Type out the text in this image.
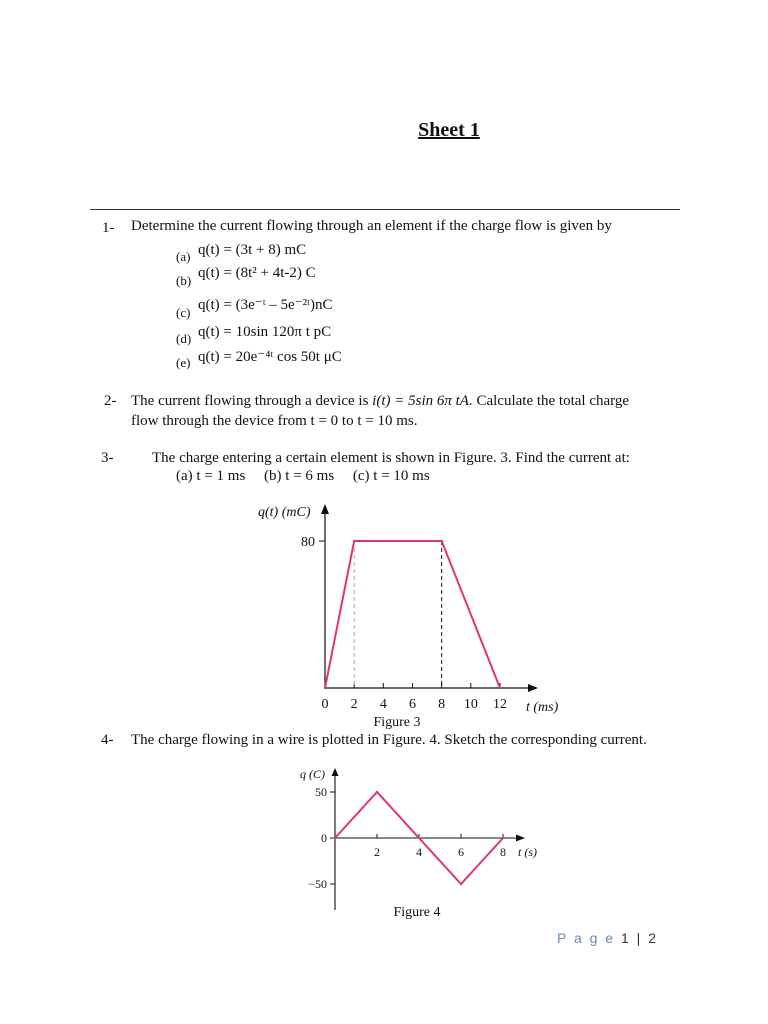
Sheet 1
1- Determine the current flowing through an element if the charge flow is given by
(a) q(t) = (3t + 8) mC
(b) q(t) = (8t² + 4t-2) C
(c) q(t) = (3e⁻ᵗ – 5e⁻²ᵗ)nC
(d) q(t) = 10sin 120π t pC
(e) q(t) = 20e⁻⁴ᵗ cos 50t μC
2- The current flowing through a device is i(t) = 5sin 6π tA. Calculate the total charge
flow through the device from t = 0 to t = 10 ms.
3-	The charge entering a certain element is shown in Figure. 3. Find the current at:
(a) t = 1 ms     (b) t = 6 ms     (c) t = 10 ms
q(t) (mC)
80
0 2 4 6 8 10 12 t (ms)
Figure 3
4- The charge flowing in a wire is plotted in Figure. 4. Sketch the corresponding current.
q (C)
50
0
−50
2	4	6	8 t (s)
Figure 4
P a g e 1 | 2
